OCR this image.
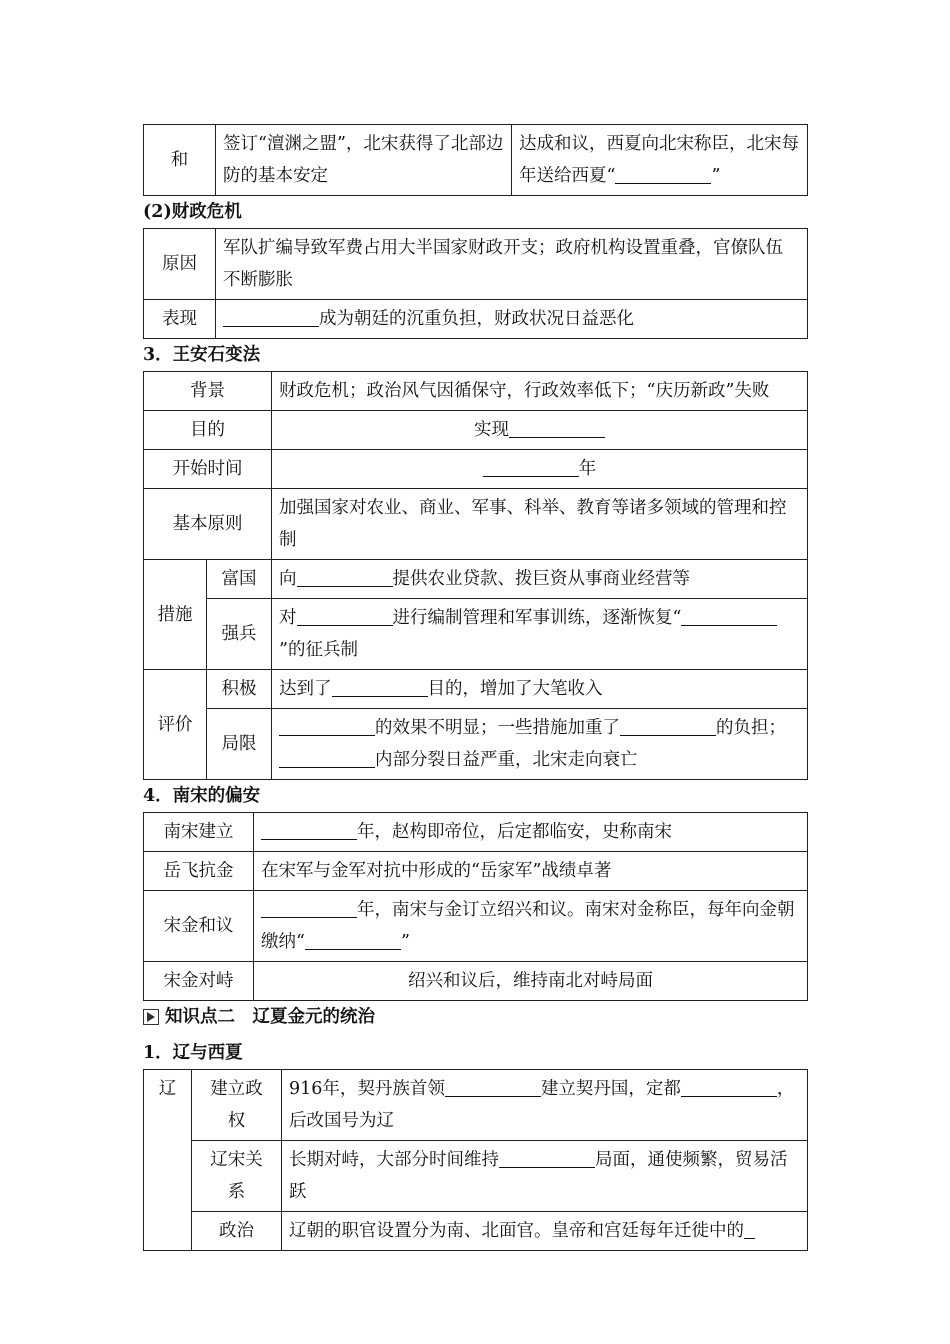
和	签订“澶渊之盟”，北宋获得了北部边防的基本安定	达成和议，西夏向北宋称臣，北宋每年送给西夏“	”
(2)财政危机
原因	军队扩编导致军费占用大半国家财政开支；政府机构设置重叠，官僚队伍不断膨胀
表现	成为朝廷的沉重负担，财政状况日益恶化
3．王安石变法
背景		财政危机；政治风气因循保守，行政效率低下；“庆历新政”失败
目的		实现
开始时间		年
基本原则		加强国家对农业、商业、军事、科举、教育等诸多领域的管理和控制
措施	富国	向 提供农业贷款、拨巨资从事商业经营等
	强兵	对 进行编制管理和军事训练，逐渐恢复“”的征兵制
评价	积极	达到了 目的，增加了大笔收入
	局限	的效果不明显；一些措施加重了 的负担；内部分裂日益严重，北宋走向衰亡
4．南宋的偏安
南宋建立	年，赵构即帝位，后定都临安，史称南宋
岳飞抗金	在宋军与金军对抗中形成的“岳家军”战绩卓著
宋金和议	年，南宋与金订立绍兴和议。南宋对金称臣，每年向金朝缴纳“ ”
宋金对峙	绍兴和议后，维持南北对峙局面
知识点二　辽夏金元的统治
1．辽与西夏
辽	建立政权	916年，契丹族首领 建立契丹国，定都 ，后改国号为辽
	辽宋关系	长期对峙，大部分时间维持 局面，通使频繁，贸易活跃
	政治	辽朝的职官设置分为南、北面官。皇帝和宫廷每年迁徙中的
